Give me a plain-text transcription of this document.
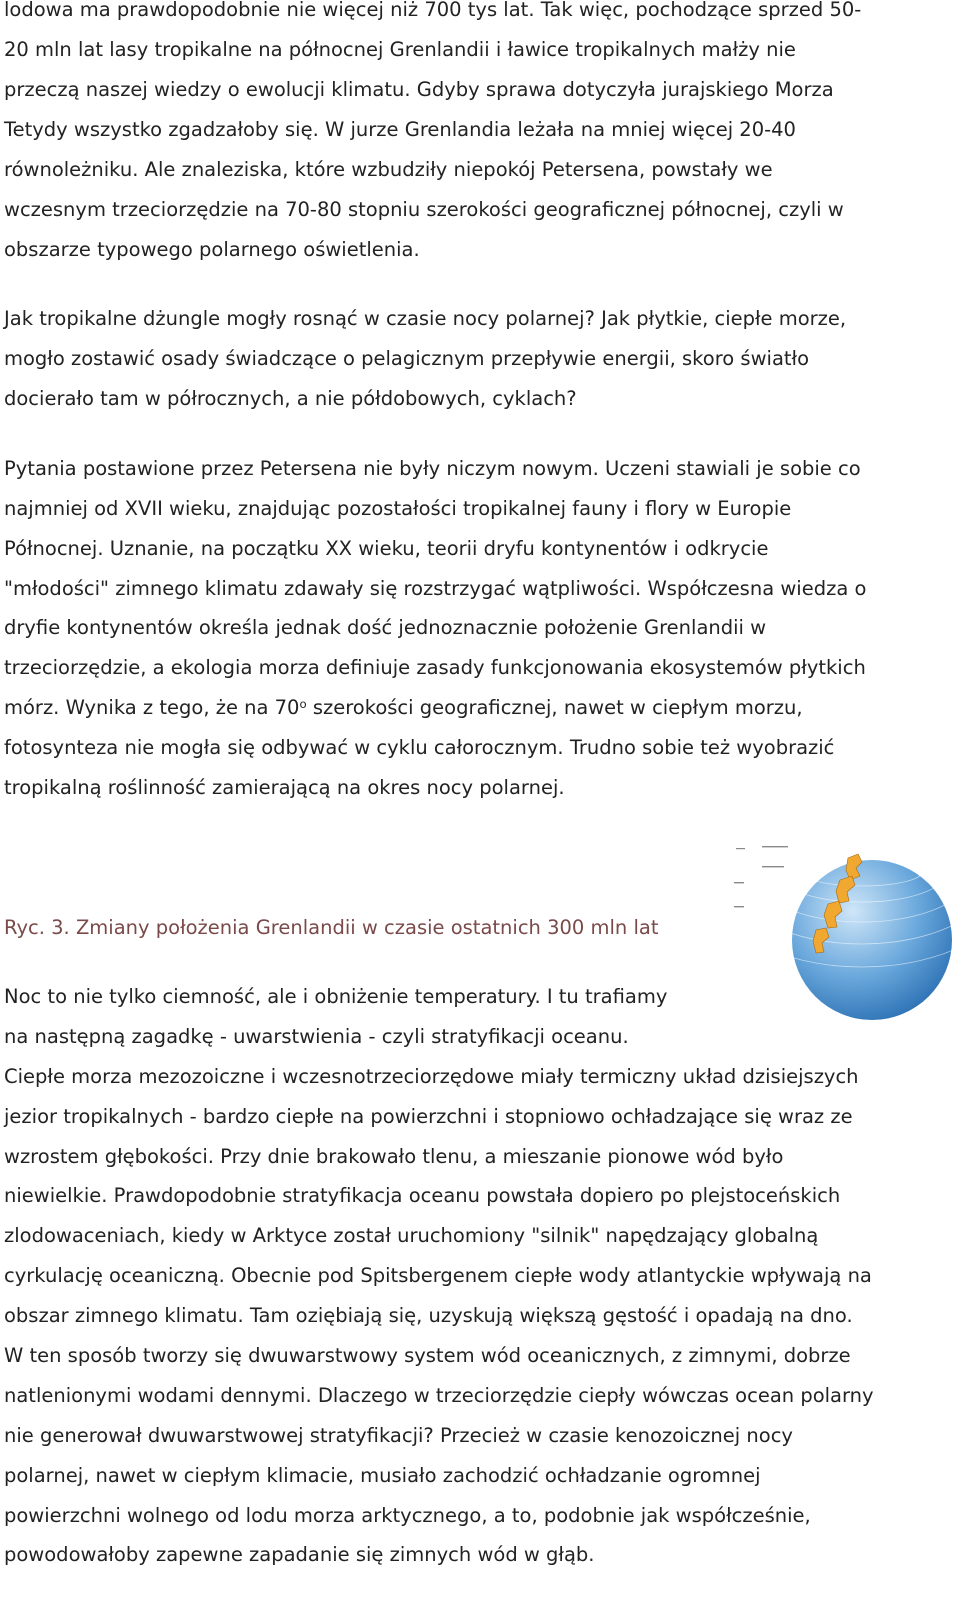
lodowa ma prawdopodobnie nie więcej niż 700 tys lat. Tak więc, pochodzące sprzed 50-
20 mln lat lasy tropikalne na północnej Grenlandii i ławice tropikalnych małży nie
przeczą naszej wiedzy o ewolucji klimatu. Gdyby sprawa dotyczyła jurajskiego Morza
Tetydy wszystko zgadzałoby się. W jurze Grenlandia leżała na mniej więcej 20-40
równoleżniku. Ale znaleziska, które wzbudziły niepokój Petersena, powstały we
wczesnym trzeciorzędzie na 70-80 stopniu szerokości geograficznej północnej, czyli w
obszarze typowego polarnego oświetlenia.
Jak tropikalne dżungle mogły rosnąć w czasie nocy polarnej? Jak płytkie, ciepłe morze,
mogło zostawić osady świadczące o pelagicznym przepływie energii, skoro światło
docierało tam w półrocznych, a nie półdobowych, cyklach?
Pytania postawione przez Petersena nie były niczym nowym. Uczeni stawiali je sobie co
najmniej od XVII wieku, znajdując pozostałości tropikalnej fauny i flory w Europie
Północnej. Uznanie, na początku XX wieku, teorii dryfu kontynentów i odkrycie
"młodości" zimnego klimatu zdawały się rozstrzygać wątpliwości. Współczesna wiedza o
dryfie kontynentów określa jednak dość jednoznacznie położenie Grenlandii w
trzeciorzędzie, a ekologia morza definiuje zasady funkcjonowania ekosystemów płytkich
mórz. Wynika z tego, że na 70$^o$ szerokości geograficznej, nawet w ciepłym morzu,
fotosynteza nie mogła się odbywać w cyklu całorocznym. Trudno sobie też wyobrazić
tropikalną roślinność zamierającą na okres nocy polarnej.
Ryc. 3. Zmiany położenia Grenlandii w czasie ostatnich 300 mln lat
Noc to nie tylko ciemność, ale i obniżenie temperatury. I tu trafiamy
na następną zagadkę - uwarstwienia - czyli stratyfikacji oceanu.
Ciepłe morza mezozoiczne i wczesnotrzeciorzędowe miały termiczny układ dzisiejszych
jezior tropikalnych - bardzo ciepłe na powierzchni i stopniowo ochładzające się wraz ze
wzrostem głębokości. Przy dnie brakowało tlenu, a mieszanie pionowe wód było
niewielkie. Prawdopodobnie stratyfikacja oceanu powstała dopiero po plejstoceńskich
zlodowaceniach, kiedy w Arktyce został uruchomiony "silnik" napędzający globalną
cyrkulację oceaniczną. Obecnie pod Spitsbergenem ciepłe wody atlantyckie wpływają na
obszar zimnego klimatu. Tam oziębiają się, uzyskują większą gęstość i opadają na dno.
W ten sposób tworzy się dwuwarstwowy system wód oceanicznych, z zimnymi, dobrze
natlenionymi wodami dennymi. Dlaczego w trzeciorzędzie ciepły wówczas ocean polarny
nie generował dwuwarstwowej stratyfikacji? Przecież w czasie kenozoicznej nocy
polarnej, nawet w ciepłym klimacie, musiało zachodzić ochładzanie ogromnej
powierzchni wolnego od lodu morza arktycznego, a to, podobnie jak współcześnie,
powodowałoby zapewne zapadanie się zimnych wód w głąb.
